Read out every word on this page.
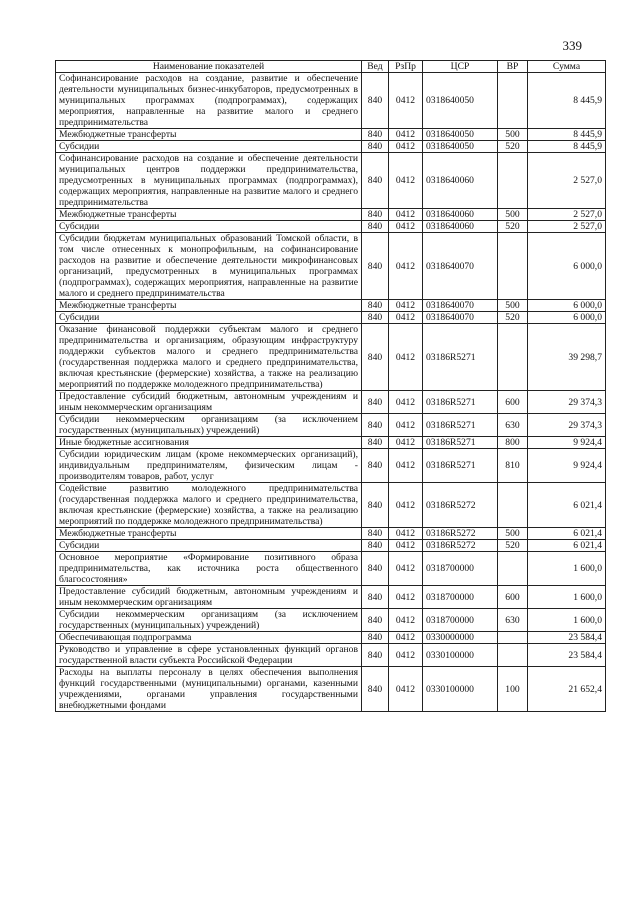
339
Наименование показателей	Вед	РзПр	ЦСР	ВР	Сумма
Софинансирование расходов на создание, развитие и обеспечение деятельности муниципальных бизнес-инкубаторов, предусмотренных в муниципальных программах (подпрограммах), содержащих мероприятия, направленные на развитие малого и среднего предпринимательства	840	0412	0318640050		8 445,9
Межбюджетные трансферты	840	0412	0318640050	500	8 445,9
Субсидии	840	0412	0318640050	520	8 445,9
Софинансирование расходов на создание и обеспечение деятельности муниципальных центров поддержки предпринимательства, предусмотренных в муниципальных программах (подпрограммах), содержащих мероприятия, направленные на развитие малого и среднего предпринимательства	840	0412	0318640060		2 527,0
Межбюджетные трансферты	840	0412	0318640060	500	2 527,0
Субсидии	840	0412	0318640060	520	2 527,0
Субсидии бюджетам муниципальных образований Томской области, в том числе отнесенных к монопрофильным, на софинансирование расходов на развитие и обеспечение деятельности микрофинансовых организаций, предусмотренных в муниципальных программах (подпрограммах), содержащих мероприятия, направленные на развитие малого и среднего предпринимательства	840	0412	0318640070		6 000,0
Межбюджетные трансферты	840	0412	0318640070	500	6 000,0
Субсидии	840	0412	0318640070	520	6 000,0
Оказание финансовой поддержки субъектам малого и среднего предпринимательства и организациям, образующим инфраструктуру поддержки субъектов малого и среднего предпринимательства (государственная поддержка малого и среднего предпринимательства, включая крестьянские (фермерские) хозяйства, а также на реализацию мероприятий по поддержке молодежного предпринимательства)	840	0412	03186R5271		39 298,7
Предоставление субсидий бюджетным, автономным учреждениям и иным некоммерческим организациям	840	0412	03186R5271	600	29 374,3
Субсидии некоммерческим организациям (за исключением государственных (муниципальных) учреждений)	840	0412	03186R5271	630	29 374,3
Иные бюджетные ассигнования	840	0412	03186R5271	800	9 924,4
Субсидии юридическим лицам (кроме некоммерческих организаций), индивидуальным предпринимателям, физическим лицам - производителям товаров, работ, услуг	840	0412	03186R5271	810	9 924,4
Содействие развитию молодежного предпринимательства (государственная поддержка малого и среднего предпринимательства, включая крестьянские (фермерские) хозяйства, а также на реализацию мероприятий по поддержке молодежного предпринимательства)	840	0412	03186R5272		6 021,4
Межбюджетные трансферты	840	0412	03186R5272	500	6 021,4
Субсидии	840	0412	03186R5272	520	6 021,4
Основное мероприятие «Формирование позитивного образа предпринимательства, как источника роста общественного благосостояния»	840	0412	0318700000		1 600,0
Предоставление субсидий бюджетным, автономным учреждениям и иным некоммерческим организациям	840	0412	0318700000	600	1 600,0
Субсидии некоммерческим организациям (за исключением государственных (муниципальных) учреждений)	840	0412	0318700000	630	1 600,0
Обеспечивающая подпрограмма	840	0412	0330000000		23 584,4
Руководство и управление в сфере установленных функций органов государственной власти субъекта Российской Федерации	840	0412	0330100000		23 584,4
Расходы на выплаты персоналу в целях обеспечения выполнения функций государственными (муниципальными) органами, казенными учреждениями, органами управления государственными внебюджетными фондами	840	0412	0330100000	100	21 652,4
